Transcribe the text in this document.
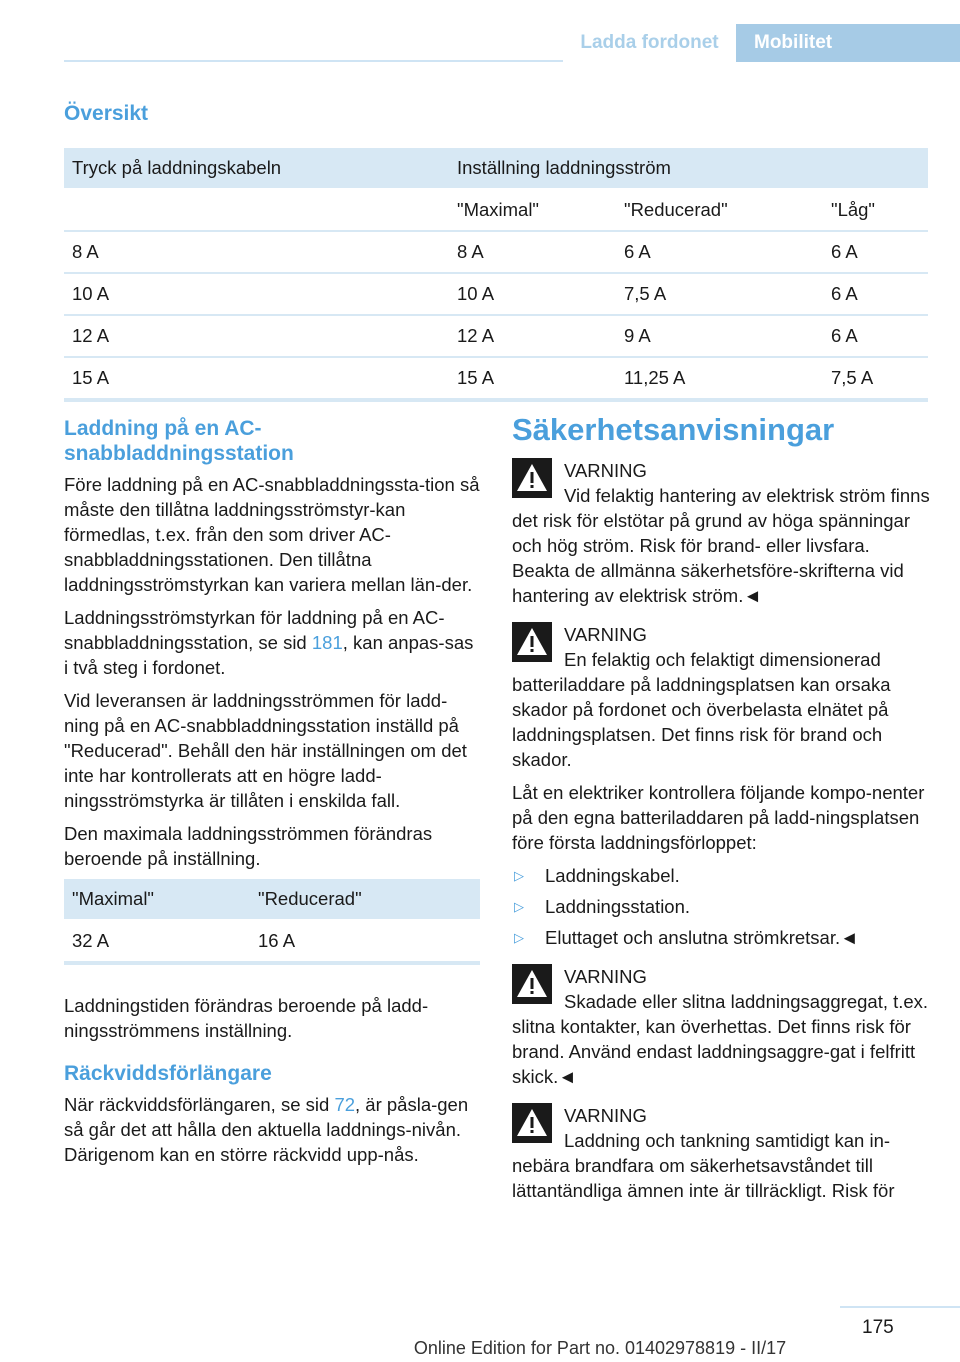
Ladda fordonet	Mobilitet
Översikt
Tryck på laddningskabeln	Inställning laddningsström		
	"Maximal"	"Reducerad"	"Låg"
8 A	8 A	6 A	6 A
10 A	10 A	7,5 A	6 A
12 A	12 A	9 A	6 A
15 A	15 A	11,25 A	7,5 A
Laddning på en AC-snabbladdningsstation

Före laddning på en AC-snabbladdningssta-tion så måste den tillåtna laddningsströmstyr-kan förmedlas, t.ex. från den som driver AC-snabbladdningsstationen. Den tillåtna laddningsströmstyrkan kan variera mellan län-der.

Laddningsströmstyrkan för laddning på en AC-snabbladdningsstation, se sid 181, kan anpas-sas i två steg i fordonet.

Vid leveransen är laddningsströmmen för ladd-ning på en AC-snabbladdningsstation inställd på "Reducerad". Behåll den här inställningen om det inte har kontrollerats att en högre ladd-ningsströmstyrka är tillåten i enskilda fall.

Den maximala laddningsströmmen förändras beroende på inställning.

"Maximal"	"Reducerad"
32 A	16 A

Laddningstiden förändras beroende på ladd-ningsströmmens inställning.

Räckviddsförlängare

När räckviddsförlängaren, se sid 72, är påsla-gen så går det att hålla den aktuella laddnings-nivån. Därigenom kan en större räckvidd upp-nås.

Säkerhetsanvisningar
VARNING
Vid felaktig hantering av elektrisk ström finns det risk för elstötar på grund av höga spänningar och hög ström. Risk för brand- eller livsfara. Beakta de allmänna säkerhetsföre-skrifterna vid hantering av elektrisk ström.◄
VARNING
En felaktig och felaktigt dimensionerad batteriladdare på laddningsplatsen kan orsaka skador på fordonet och överbelasta elnätet på laddningsplatsen. Det finns risk för brand och skador.

Låt en elektriker kontrollera följande kompo-nenter på den egna batteriladdaren på ladd-ningsplatsen före första laddningsförloppet:

▷ Laddningskabel.
▷ Laddningsstation.
▷ Eluttaget och anslutna strömkretsar.◄
VARNING
Skadade eller slitna laddningsaggregat, t.ex. slitna kontakter, kan överhettas. Det finns risk för brand. Använd endast laddningsaggre-gat i felfritt skick.◄
VARNING
Laddning och tankning samtidigt kan in-nebära brandfara om säkerhetsavståndet till lättantändliga ämnen inte är tillräckligt. Risk för
175
Online Edition for Part no. 01402978819 - II/17
